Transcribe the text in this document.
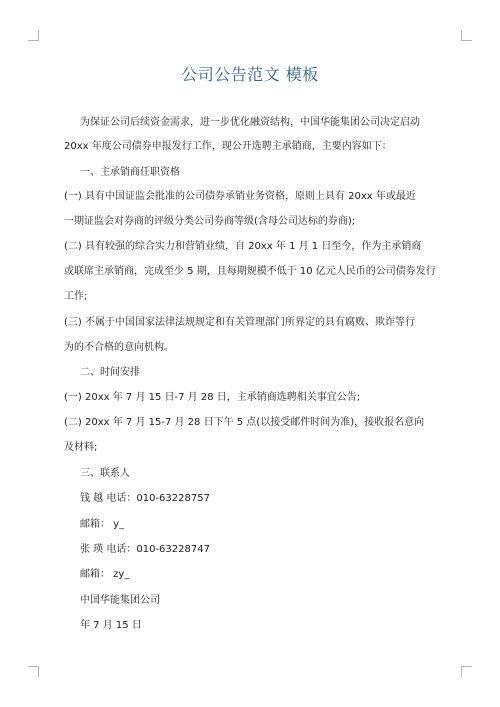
公司公告范文 模板
为保证公司后续资金需求，进一步优化融资结构，中国华能集团公司决定启动
20xx 年度公司债券申报发行工作，现公开选聘主承销商，主要内容如下：
一、主承销商任职资格
(一) 具有中国证监会批准的公司债券承销业务资格，原则上具有 20xx 年或最近
一期证监会对券商的评级分类公司券商等级(含母公司达标的券商);
(二) 具有较强的综合实力和营销业绩，自 20xx 年 1 月 1 日至今，作为主承销商
或联席主承销商，完成至少 5 期，且每期规模不低于 10 亿元人民币的公司债券发行
工作;
(三) 不属于中国国家法律法规规定和有关管理部门所界定的具有腐败、欺诈等行
为的不合格的意向机构。
二、时间安排
(一) 20xx 年 7 月 15 日-7 月 28 日，主承销商选聘相关事宜公告;
(二) 20xx 年 7 月 15-7 月 28 日下午 5 点(以接受邮件时间为准)，接收报名意向
及材料;
三、联系人
钱 越 电话：010-63228757
邮箱： y_
张 瑛 电话：010-63228747
邮箱： zy_
中国华能集团公司
年 7 月 15 日
